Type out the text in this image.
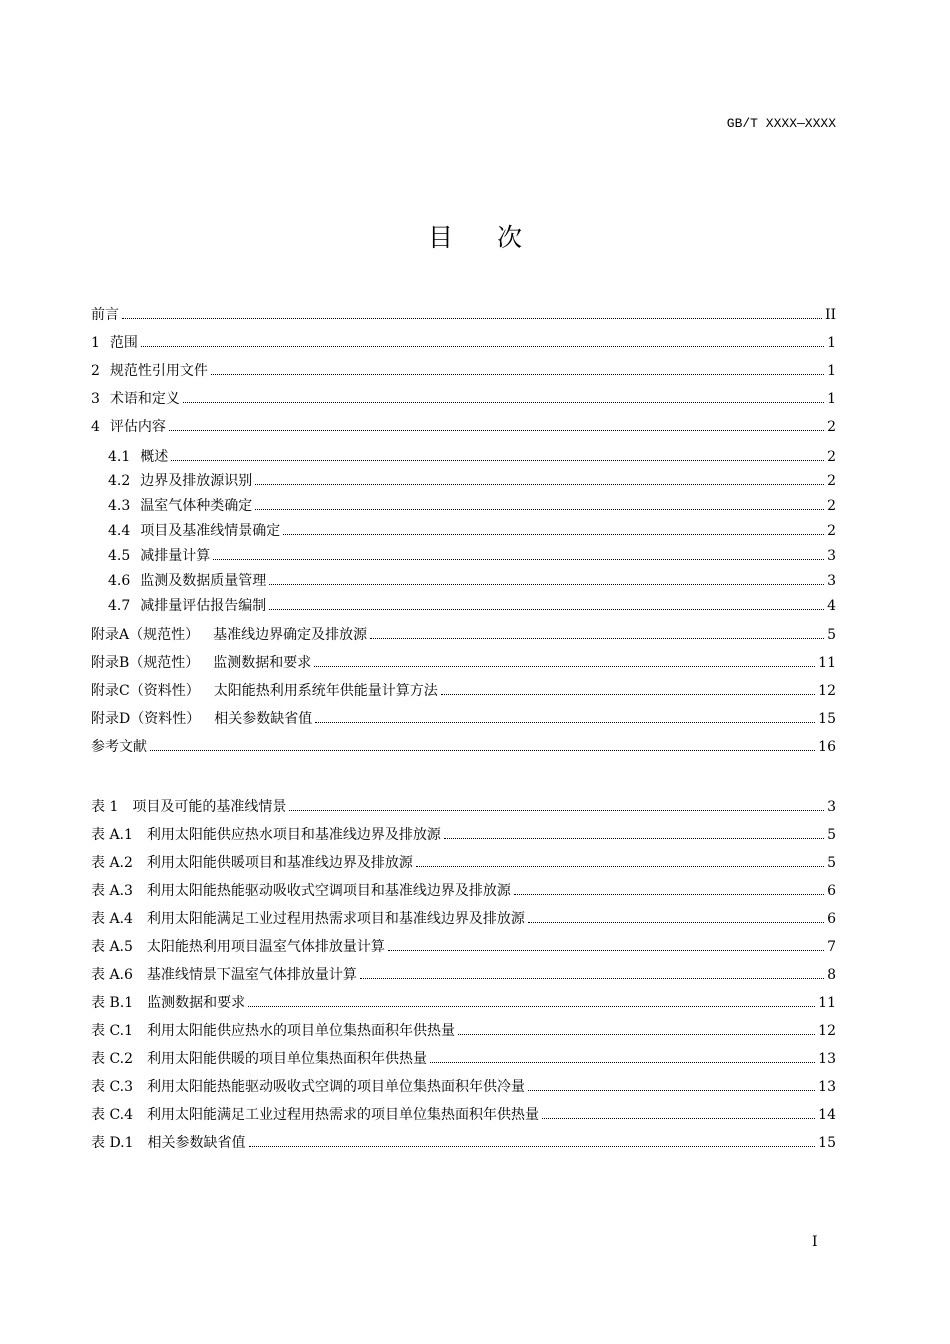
GB/T XXXX—XXXX
目 次
前言	II
1 范围	1
2 规范性引用文件	1
3 术语和定义	1
4 评估内容	2
4.1 概述	2
4.2 边界及排放源识别	2
4.3 温室气体种类确定	2
4.4 项目及基准线情景确定	2
4.5 减排量计算	3
4.6 监测及数据质量管理	3
4.7 减排量评估报告编制	4
附录A（规范性） 基准线边界确定及排放源	5
附录B（规范性） 监测数据和要求	11
附录C（资料性） 太阳能热利用系统年供能量计算方法	12
附录D（资料性） 相关参数缺省值	15
参考文献	16
表 1 项目及可能的基准线情景	3
表 A.1 利用太阳能供应热水项目和基准线边界及排放源	5
表 A.2 利用太阳能供暖项目和基准线边界及排放源	5
表 A.3 利用太阳能热能驱动吸收式空调项目和基准线边界及排放源	6
表 A.4 利用太阳能满足工业过程用热需求项目和基准线边界及排放源	6
表 A.5 太阳能热利用项目温室气体排放量计算	7
表 A.6 基准线情景下温室气体排放量计算	8
表 B.1 监测数据和要求	11
表 C.1 利用太阳能供应热水的项目单位集热面积年供热量	12
表 C.2 利用太阳能供暖的项目单位集热面积年供热量	13
表 C.3 利用太阳能热能驱动吸收式空调的项目单位集热面积年供冷量	13
表 C.4 利用太阳能满足工业过程用热需求的项目单位集热面积年供热量	14
表 D.1 相关参数缺省值	15
I
